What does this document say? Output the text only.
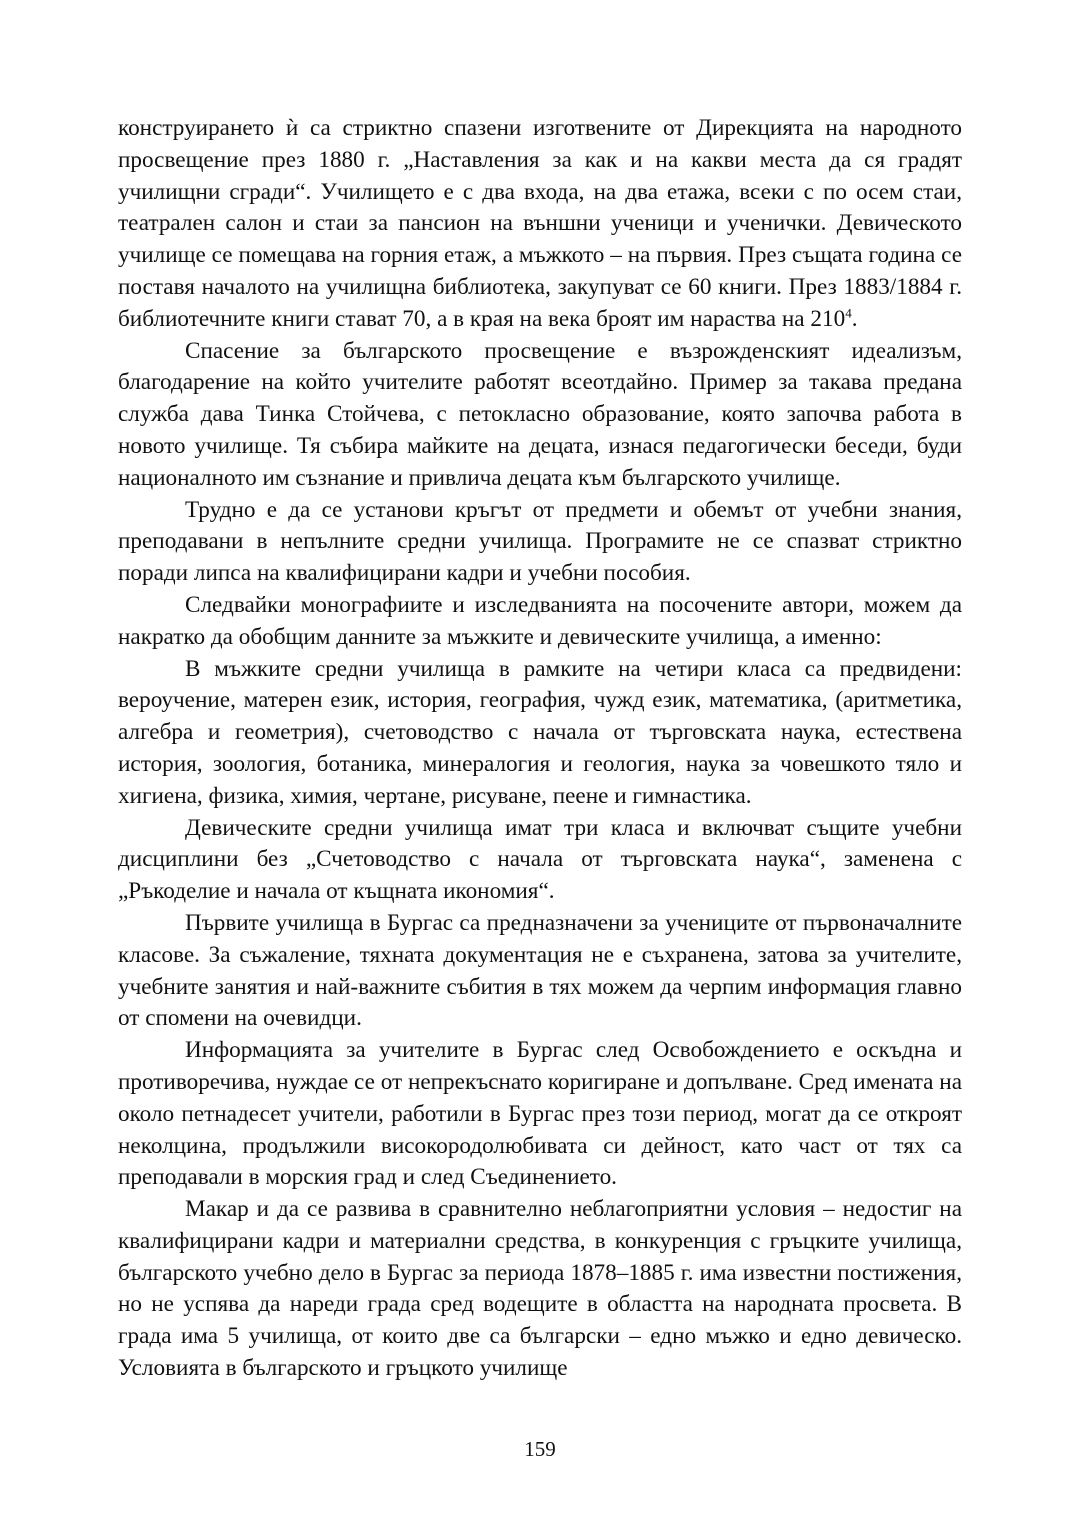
конструирането ѝ са стриктно спазени изготвените от Дирекцията на народното просвещение през 1880 г. „Наставления за как и на какви места да ся градят училищни сгради“. Училището е с два входа, на два етажа, всеки с по осем стаи, театрален салон и стаи за пансион на външни ученици и ученички. Девическото училище се помещава на горния етаж, а мъжкото – на първия. През същата година се поставя началото на училищна библиотека, закупуват се 60 книги. През 1883/1884 г. библиотечните книги стават 70, а в края на века броят им нараства на $210^4$.

Спасение за българското просвещение е възрожденският идеализъм, благодарение на който учителите работят всеотдайно. Пример за такава предана служба дава Тинка Стойчева, с петокласно образование, която започва работа в новото училище. Тя събира майките на децата, изнася педагогически беседи, буди националното им съзнание и привлича децата към българското училище.

Трудно е да се установи кръгът от предмети и обемът от учебни знания, преподавани в непълните средни училища. Програмите не се спазват стриктно поради липса на квалифицирани кадри и учебни пособия.

Следвайки монографиите и изследванията на посочените автори, можем да накратко да обобщим данните за мъжките и девическите училища, а именно:

В мъжките средни училища в рамките на четири класа са предвидени: вероучение, матерен език, история, география, чужд език, математика, (аритметика, алгебра и геометрия), счетоводство с начала от търговската наука, естествена история, зоология, ботаника, минералогия и геология, наука за човешкото тяло и хигиена, физика, химия, чертане, рисуване, пеене и гимнастика.

Девическите средни училища имат три класа и включват същите учебни дисциплини без „Счетоводство с начала от търговската наука“, заменена с „Ръкоделие и начала от къщната икономия“.

Първите училища в Бургас са предназначени за учениците от първоначалните класове. За съжаление, тяхната документация не е съхранена, затова за учителите, учебните занятия и най-важните събития в тях можем да черпим информация главно от спомени на очевидци.

Информацията за учителите в Бургас след Освобождението е оскъдна и противоречива, нуждае се от непрекъснато коригиране и допълване. Сред имената на около петнадесет учители, работили в Бургас през този период, могат да се откроят неколцина, продължили високородолюбивата си дейност, като част от тях са преподавали в морския град и след Съединението.

Макар и да се развива в сравнително неблагоприятни условия – недостиг на квалифицирани кадри и материални средства, в конкуренция с гръцките училища, българското учебно дело в Бургас за периода 1878–1885 г. има известни постижения, но не успява да нареди града сред водещите в областта на народната просвета. В града има 5 училища, от които две са български – едно мъжко и едно девическо. Условията в българското и гръцкото училище

159
